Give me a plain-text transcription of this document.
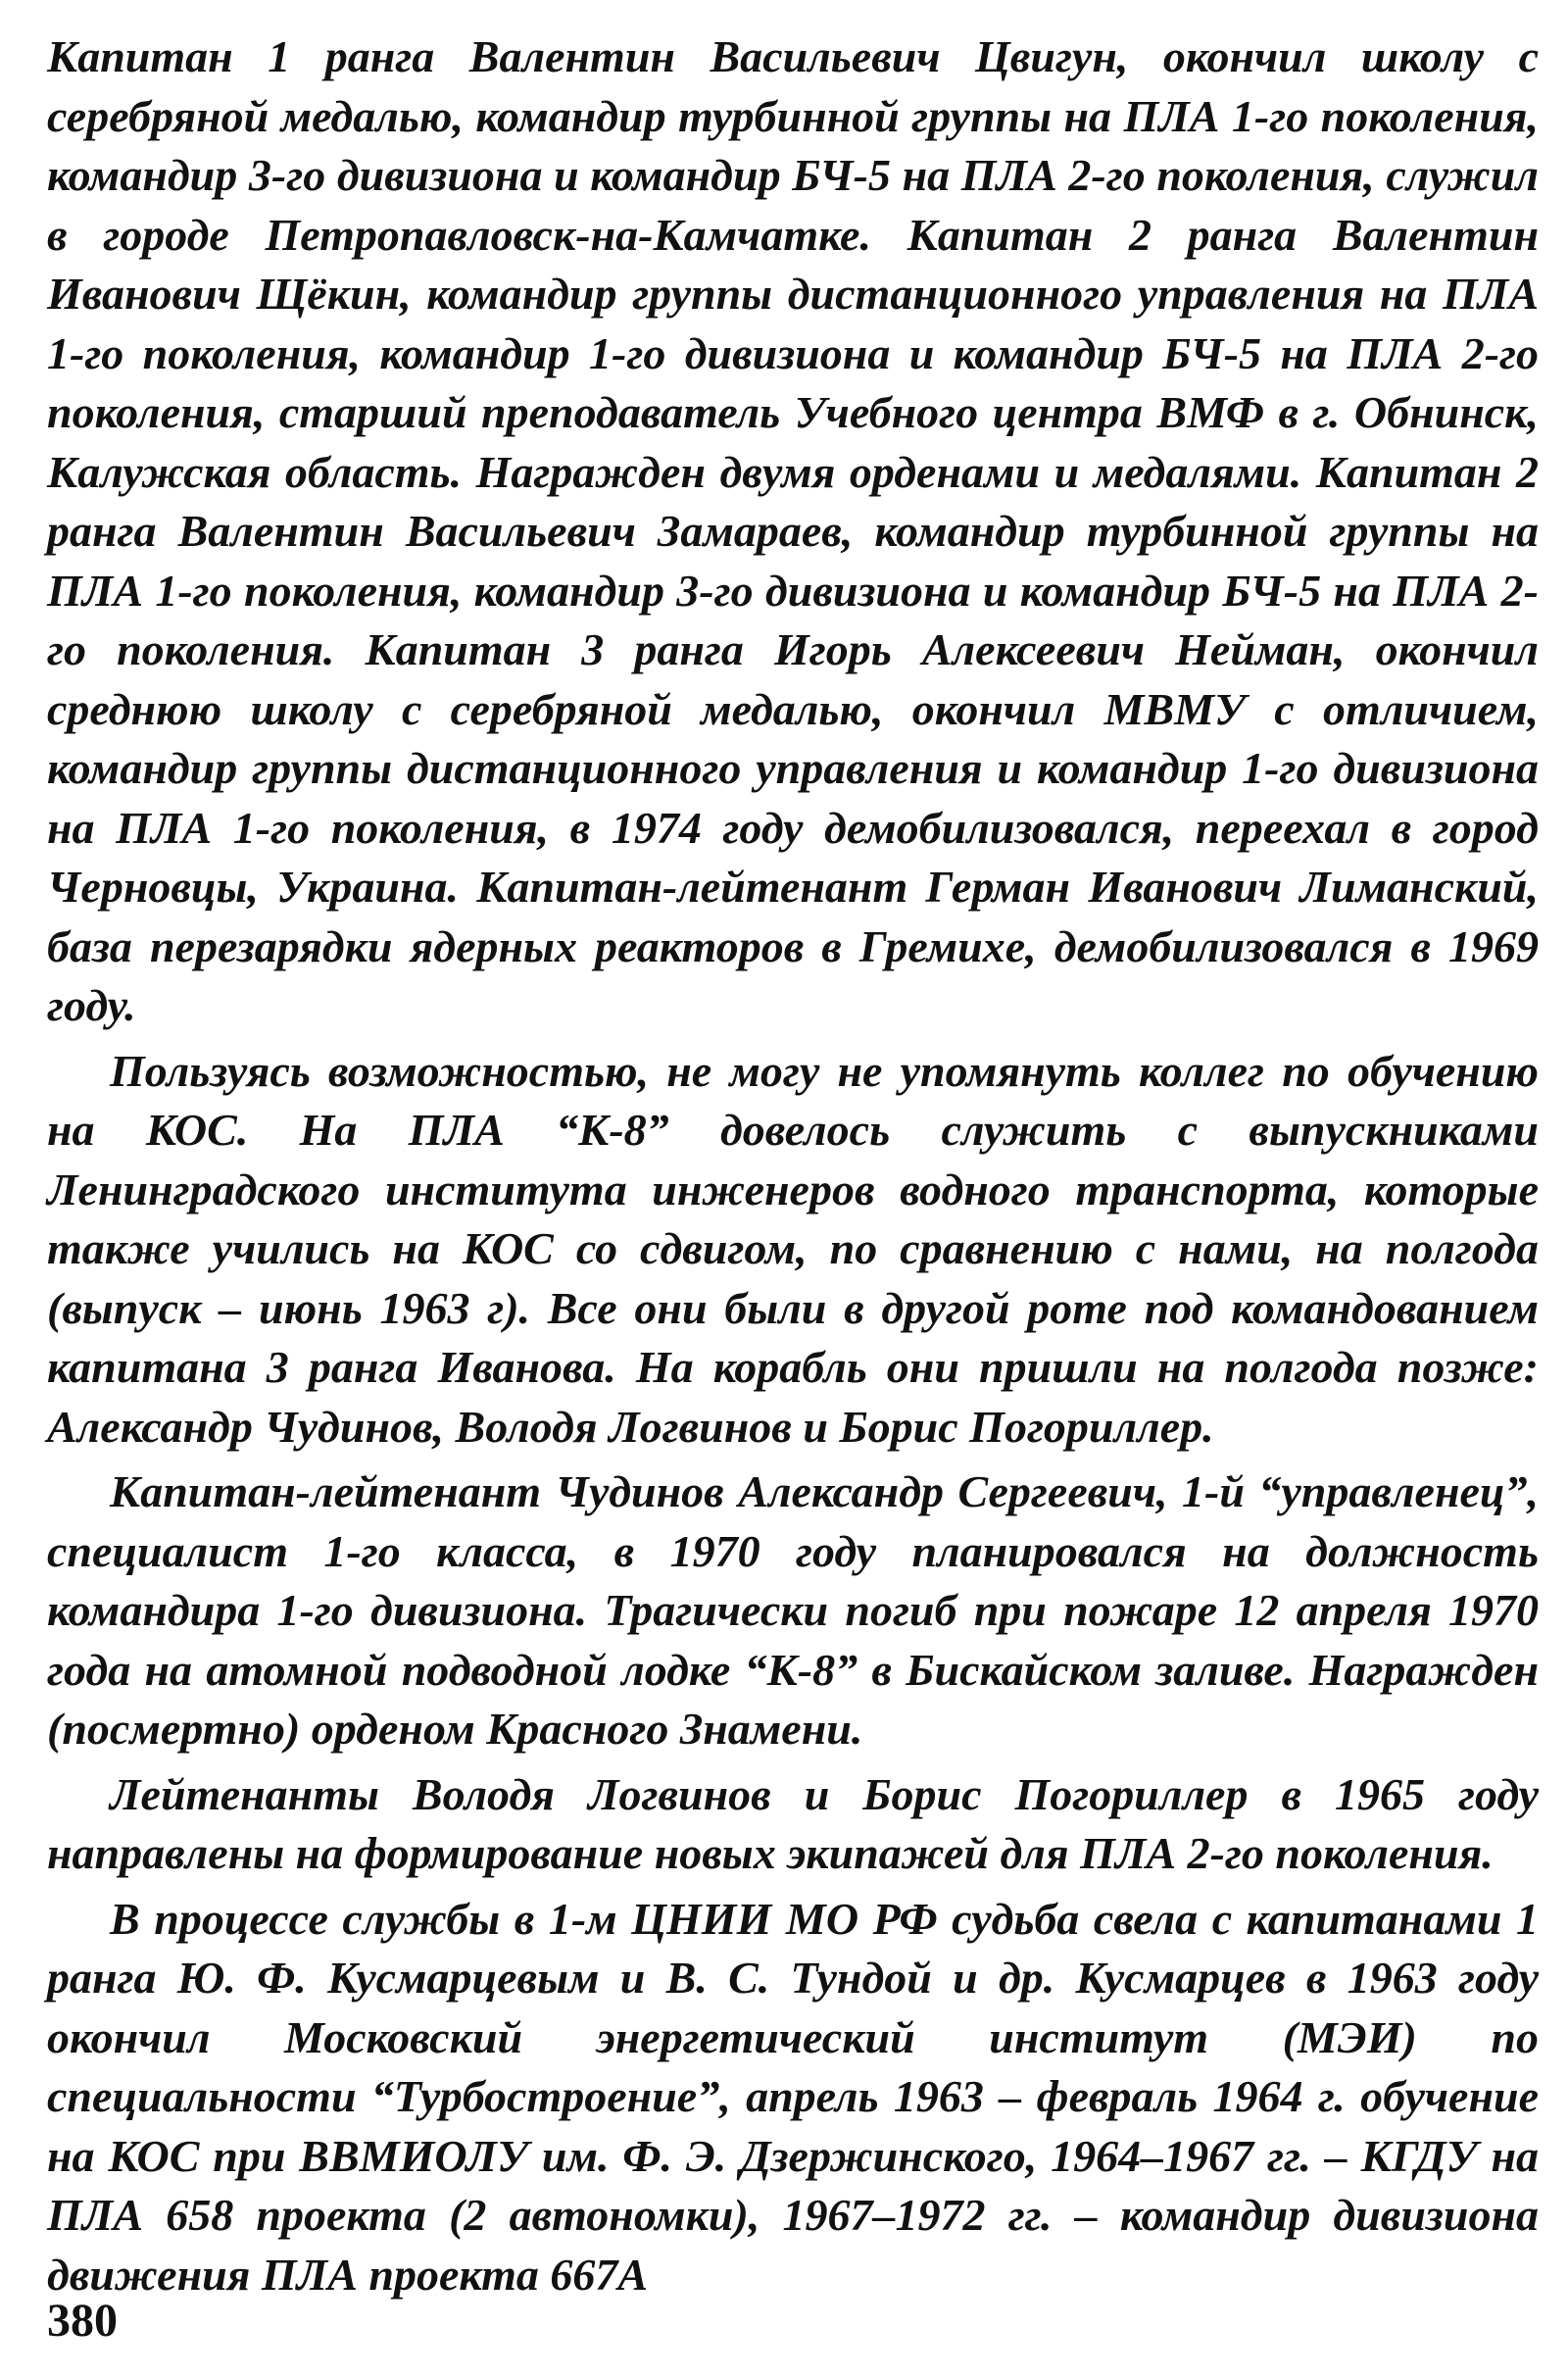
Капитан 1 ранга Валентин Васильевич Цвигун, окончил школу с серебряной медалью, командир турбинной группы на ПЛА 1-го поколения, командир 3-го дивизиона и командир БЧ-5 на ПЛА 2-го поколения, служил в городе Петропавловск-на-Камчатке. Капитан 2 ранга Валентин Иванович Щёкин, командир группы дистанционного управления на ПЛА 1-го поколения, командир 1-го дивизиона и командир БЧ-5 на ПЛА 2-го поколения, старший преподаватель Учебного центра ВМФ в г. Обнинск, Калужская область. Награжден двумя орденами и медалями. Капитан 2 ранга Валентин Васильевич Замараев, командир турбинной группы на ПЛА 1-го поколения, командир 3-го дивизиона и командир БЧ-5 на ПЛА 2-го поколения. Капитан 3 ранга Игорь Алексеевич Нейман, окончил среднюю школу с серебряной медалью, окончил МВМУ с отличием, командир группы дистанционного управления и командир 1-го дивизиона на ПЛА 1-го поколения, в 1974 году демобилизовался, переехал в город Черновцы, Украина. Капитан-лейтенант Герман Иванович Лиманский, база перезарядки ядерных реакторов в Гремихе, демобилизовался в 1969 году.

Пользуясь возможностью, не могу не упомянуть коллег по обучению на КОС. На ПЛА “К-8” довелось служить с выпускниками Ленинградского института инженеров водного транспорта, которые также учились на КОС со сдвигом, по сравнению с нами, на полгода (выпуск – июнь 1963 г). Все они были в другой роте под командованием капитана 3 ранга Иванова. На корабль они пришли на полгода позже: Александр Чудинов, Володя Логвинов и Борис Погориллер.

Капитан-лейтенант Чудинов Александр Сергеевич, 1-й “управленец”, специалист 1-го класса, в 1970 году планировался на должность командира 1-го дивизиона. Трагически погиб при пожаре 12 апреля 1970 года на атомной подводной лодке “К-8” в Бискайском заливе. Награжден (посмертно) орденом Красного Знамени.

Лейтенанты Володя Логвинов и Борис Погориллер в 1965 году направлены на формирование новых экипажей для ПЛА 2-го поколения.

В процессе службы в 1-м ЦНИИ МО РФ судьба свела с капитанами 1 ранга Ю. Ф. Кусмарцевым и В. С. Тундой и др. Кусмарцев в 1963 году окончил Московский энергетический институт (МЭИ) по специальности “Турбостроение”, апрель 1963 – февраль 1964 г. обучение на КОС при ВВМИОЛУ им. Ф. Э. Дзержинского, 1964–1967 гг. – КГДУ на ПЛА 658 проекта (2 автономки), 1967–1972 гг. – командир дивизиона движения ПЛА проекта 667А

380
